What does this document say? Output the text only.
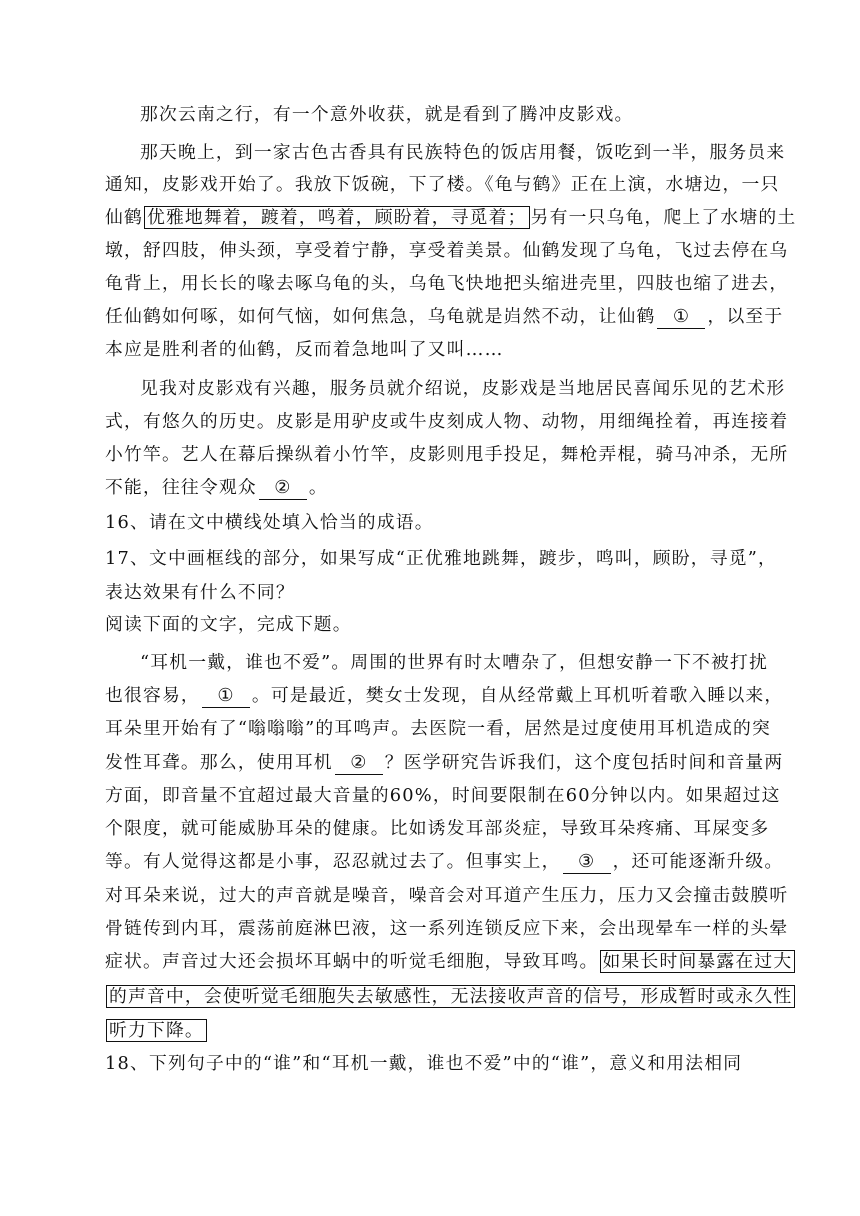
那次云南之行，有一个意外收获，就是看到了腾冲皮影戏。
那天晚上，到一家古色古香具有民族特色的饭店用餐，饭吃到一半，服务员来
通知，皮影戏开始了。我放下饭碗，下了楼。《龟与鹤》正在上演，水塘边，一只
仙鹤 优雅地舞着，踱着，鸣着，顾盼着，寻觅着； 另有一只乌龟，爬上了水塘的土
墩，舒四肢，伸头颈，享受着宁静，享受着美景。仙鹤发现了乌龟，飞过去停在乌
龟背上，用长长的喙去啄乌龟的头，乌龟飞快地把头缩进壳里，四肢也缩了进去，
任仙鹤如何啄，如何气恼，如何焦急，乌龟就是岿然不动，让仙鹤 ① ，以至于
本应是胜利者的仙鹤，反而着急地叫了又叫……
见我对皮影戏有兴趣，服务员就介绍说，皮影戏是当地居民喜闻乐见的艺术形
式，有悠久的历史。皮影是用驴皮或牛皮刻成人物、动物，用细绳拴着，再连接着
小竹竿。艺人在幕后操纵着小竹竿，皮影则甩手投足，舞枪弄棍，骑马冲杀，无所
不能，往往令观众 ② 。
16、请在文中横线处填入恰当的成语。
17、文中画框线的部分，如果写成“正优雅地跳舞，踱步，鸣叫，顾盼，寻觅”，
表达效果有什么不同？
阅读下面的文字，完成下题。
“耳机一戴，谁也不爱”。周围的世界有时太嘈杂了，但想安静一下不被打扰
也很容易， ① 。可是最近，樊女士发现，自从经常戴上耳机听着歌入睡以来，
耳朵里开始有了“嗡嗡嗡”的耳鸣声。去医院一看，居然是过度使用耳机造成的突
发性耳聋。那么，使用耳机 ② ？医学研究告诉我们，这个度包括时间和音量两
方面，即音量不宜超过最大音量的60%，时间要限制在60分钟以内。如果超过这
个限度，就可能威胁耳朵的健康。比如诱发耳部炎症，导致耳朵疼痛、耳屎变多
等。有人觉得这都是小事，忍忍就过去了。但事实上， ③ ，还可能逐渐升级。
对耳朵来说，过大的声音就是噪音，噪音会对耳道产生压力，压力又会撞击鼓膜听
骨链传到内耳，震荡前庭淋巴液，这一系列连锁反应下来，会出现晕车一样的头晕
症状。声音过大还会损坏耳蜗中的听觉毛细胞，导致耳鸣。 如果长时间暴露在过大
的声音中，会使听觉毛细胞失去敏感性，无法接收声音的信号，形成暂时或永久性
听力下降。
18、下列句子中的“谁”和“耳机一戴，谁也不爱”中的“谁”，意义和用法相同
